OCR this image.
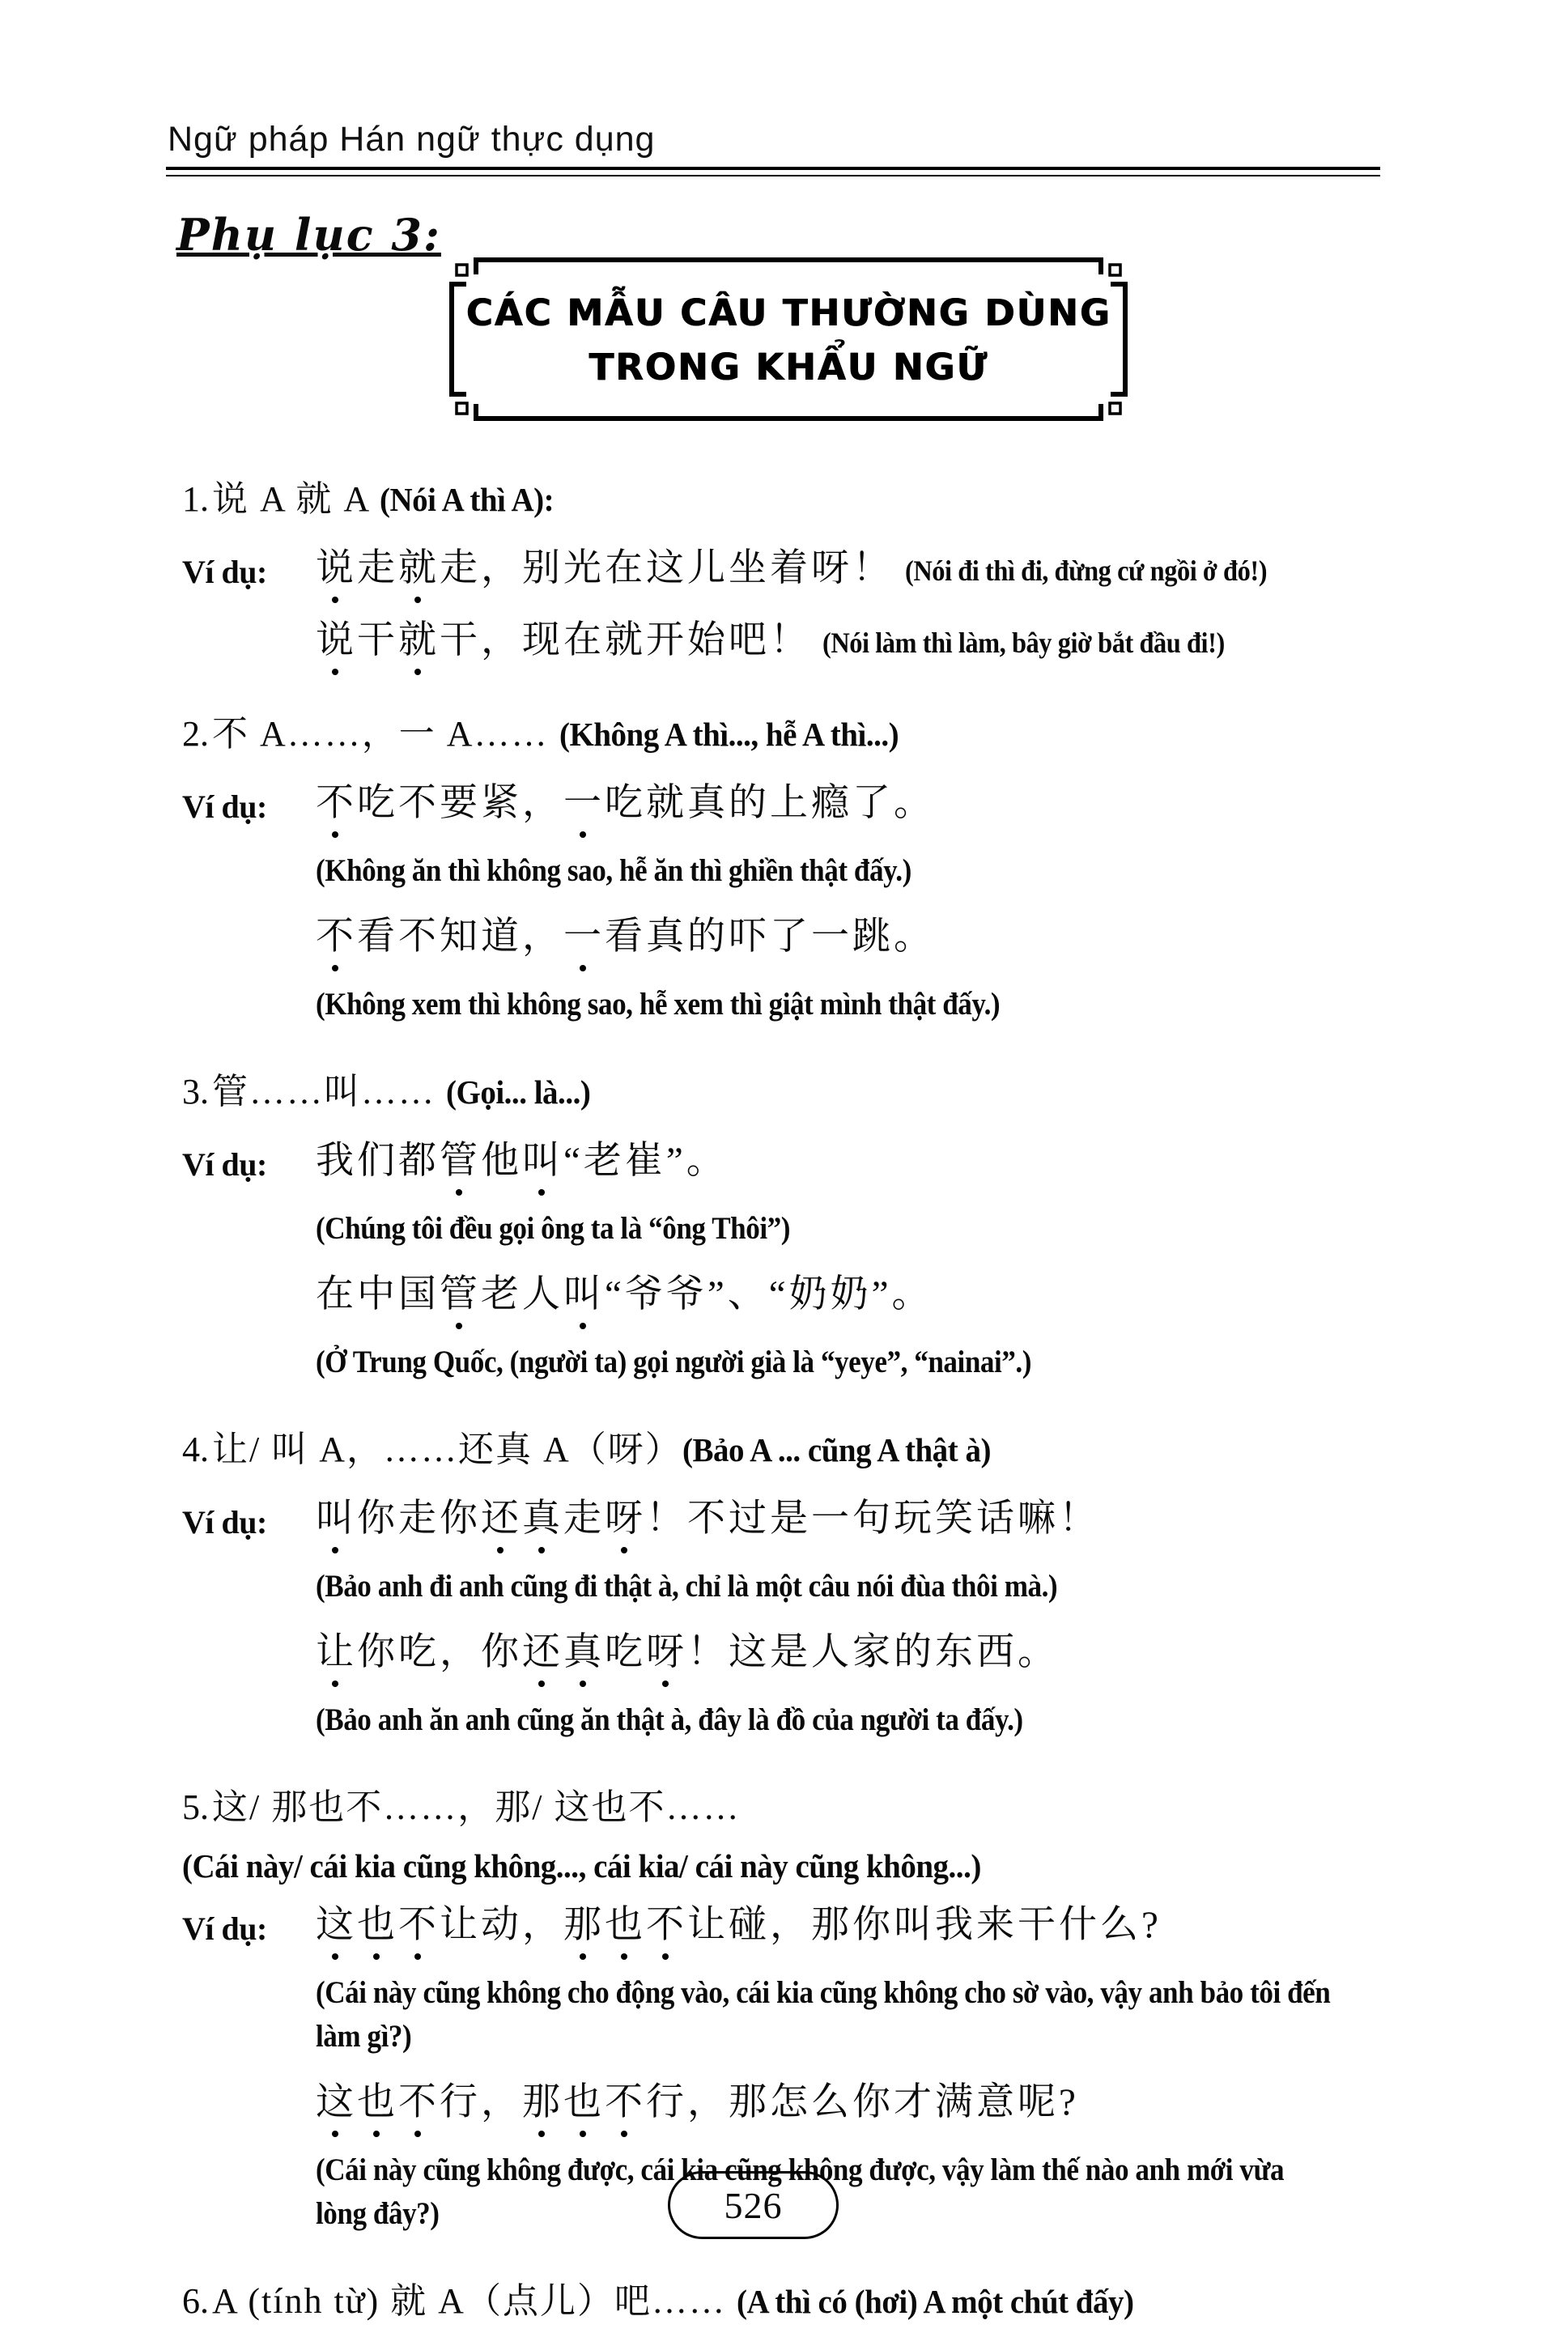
Ngữ pháp Hán ngữ thực dụng
Phụ lục 3:
CÁC MẪU CÂU THƯỜNG DÙNG
TRONG KHẨU NGỮ
1. 说 A 就 A (Nói A thì A):
Ví dụ: 说走就走，别光在这儿坐着呀！ (Nói đi thì đi, đừng cứ ngồi ở đó!)
说干就干，现在就开始吧！ (Nói làm thì làm, bây giờ bắt đầu đi!)
2. 不 A……，一 A…… (Không A thì..., hễ A thì...)
Ví dụ: 不吃不要紧，一吃就真的上瘾了。
(Không ăn thì không sao, hễ ăn thì ghiền thật đấy.)
不看不知道，一看真的吓了一跳。
(Không xem thì không sao, hễ xem thì giật mình thật đấy.)
3. 管……叫…… (Gọi... là...)
Ví dụ: 我们都管他叫“老崔”。
(Chúng tôi đều gọi ông ta là “ông Thôi”)
在中国管老人叫“爷爷”、“奶奶”。
(Ở Trung Quốc, (người ta) gọi người già là “yeye”, “nainai”.)
4. 让/ 叫 A，……还真 A（呀）(Bảo A ... cũng A thật à)
Ví dụ: 叫你走你还真走呀！不过是一句玩笑话嘛！
(Bảo anh đi anh cũng đi thật à, chỉ là một câu nói đùa thôi mà.)
让你吃，你还真吃呀！这是人家的东西。
(Bảo anh ăn anh cũng ăn thật à, đây là đồ của người ta đấy.)
5. 这/ 那也不……，那/ 这也不……
(Cái này/ cái kia cũng không..., cái kia/ cái này cũng không...)
Ví dụ: 这也不让动，那也不让碰，那你叫我来干什么?
(Cái này cũng không cho động vào, cái kia cũng không cho sờ vào, vậy anh bảo tôi đến làm gì?)
这也不行，那也不行，那怎么你才满意呢?
(Cái này cũng không được, cái kia cũng không được, vậy làm thế nào anh mới vừa lòng đây?)
6. A (tính từ) 就 A（点儿）吧…… (A thì có (hơi) A một chút đấy)
526
